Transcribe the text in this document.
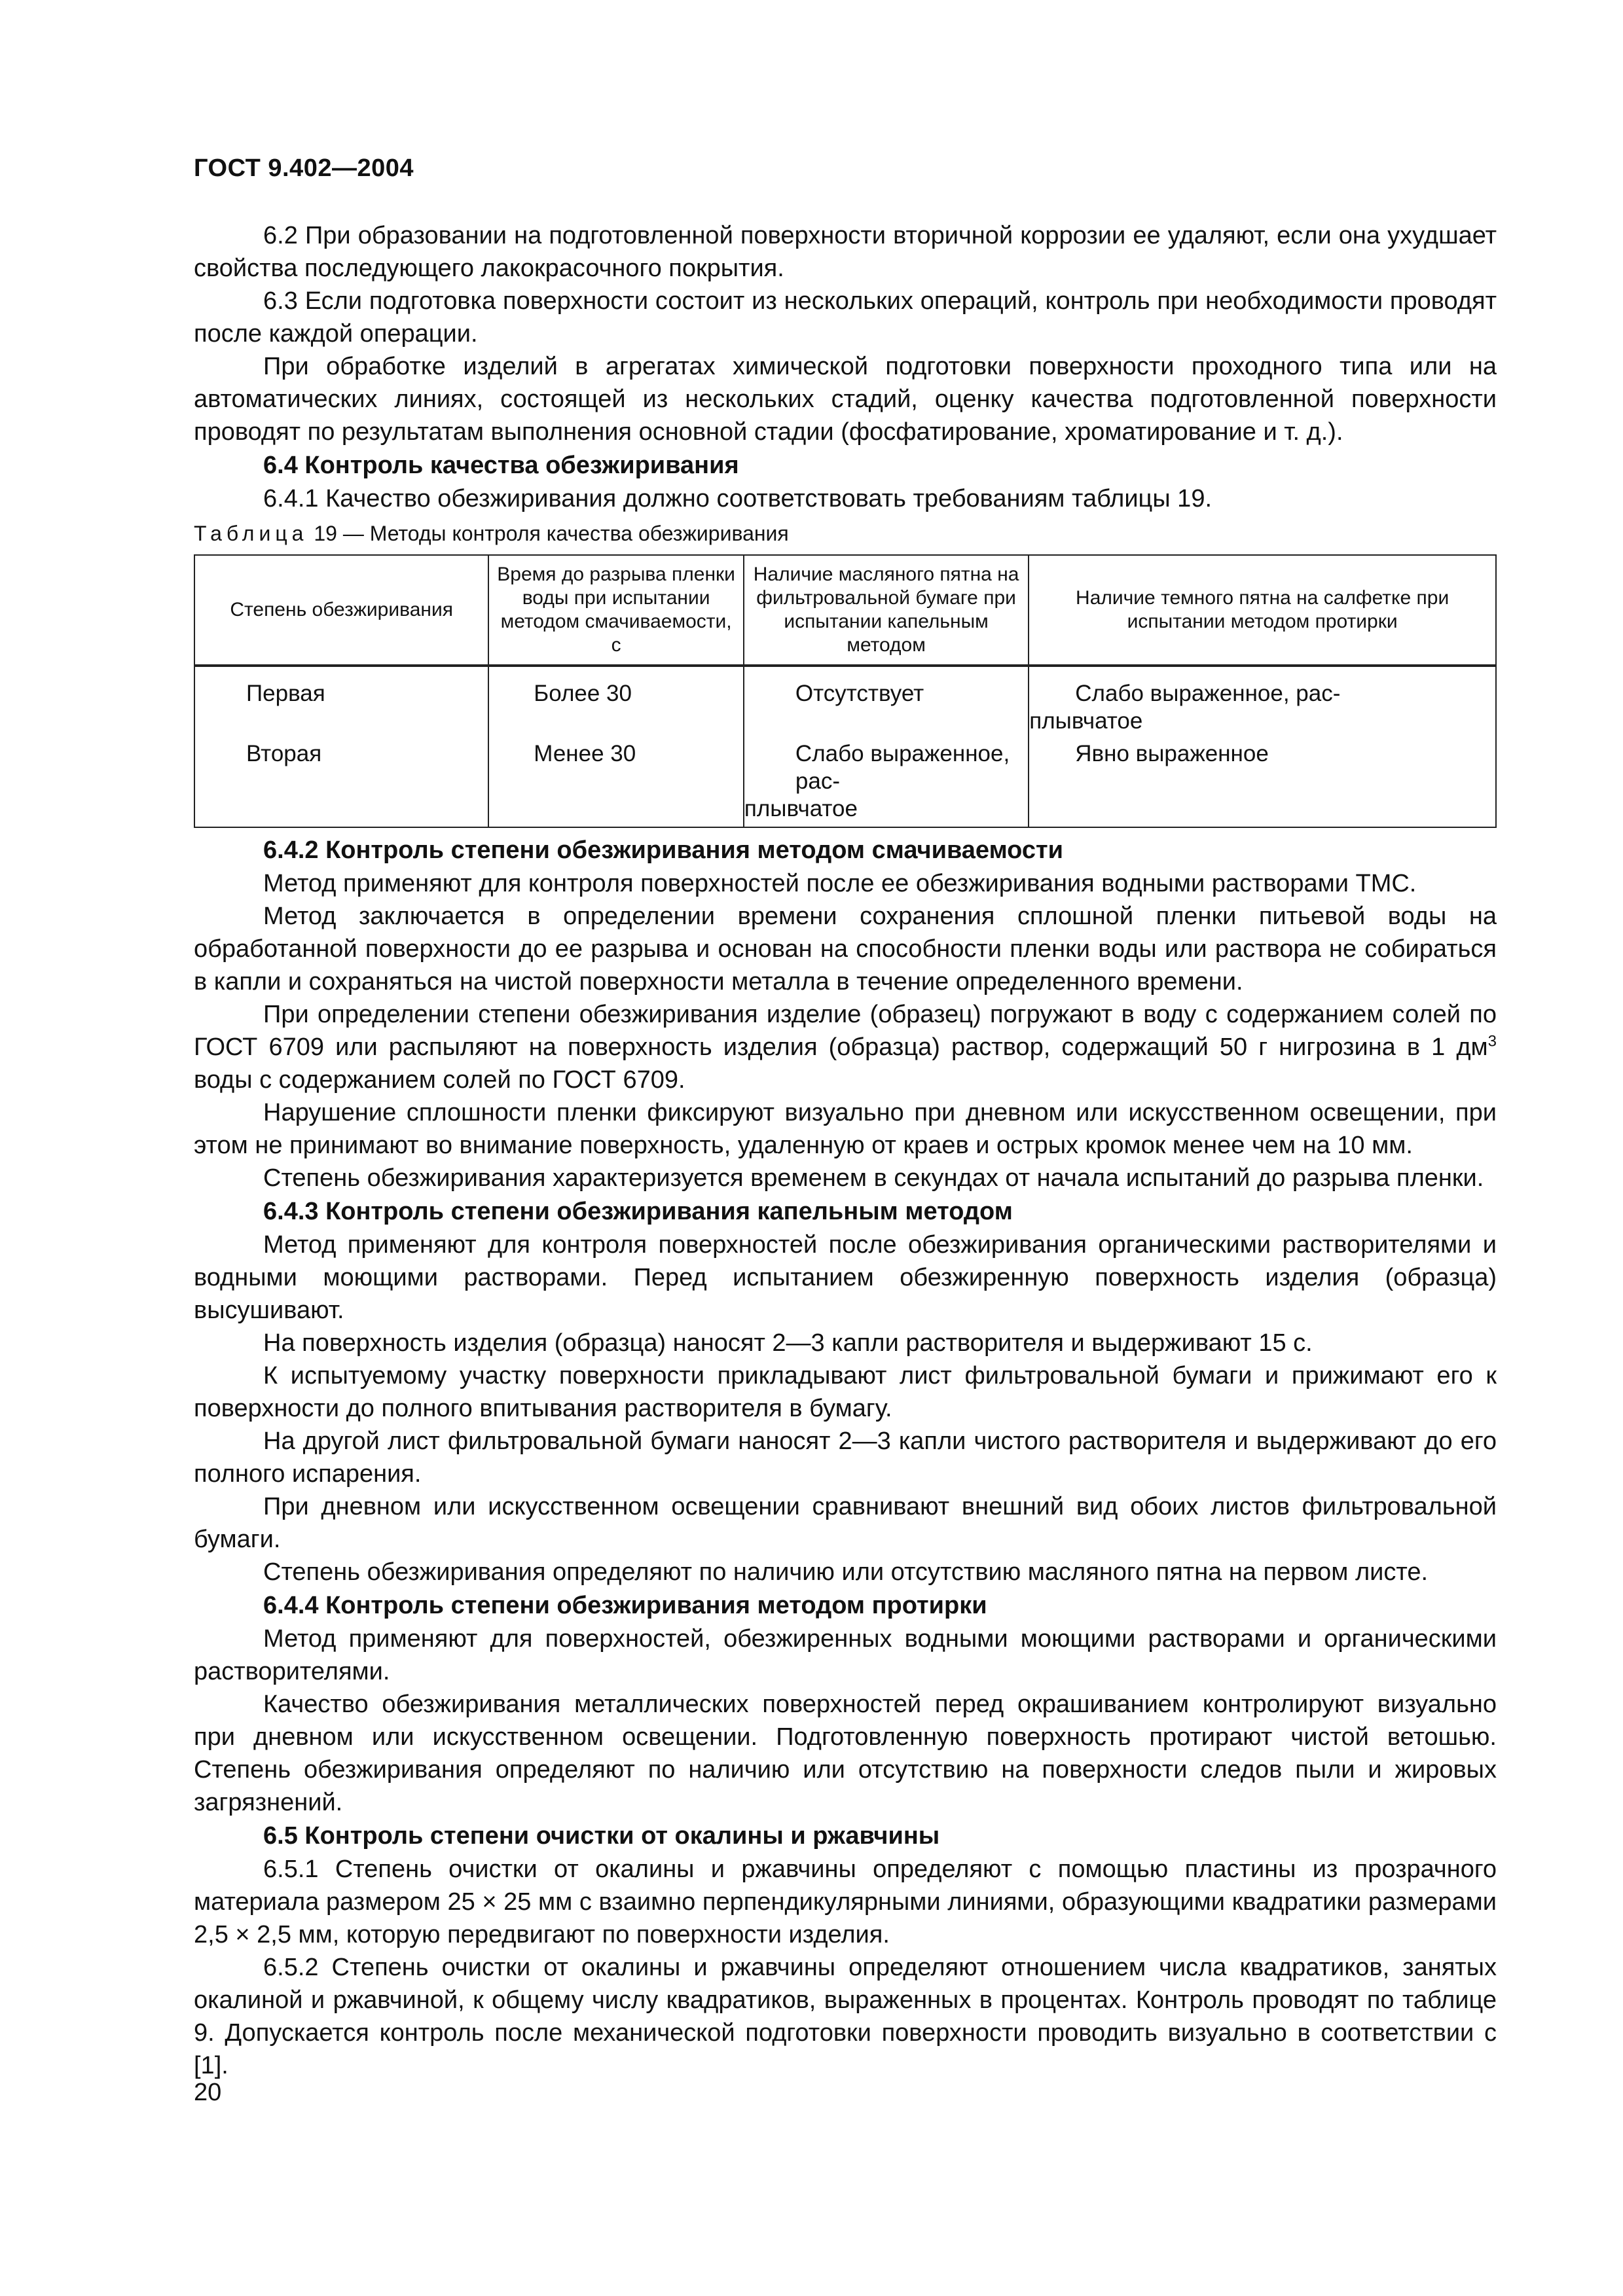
ГОСТ 9.402—2004

6.2 При образовании на подготовленной поверхности вторичной коррозии ее удаляют, если она ухудшает свойства последующего лакокрасочного покрытия.

6.3 Если подготовка поверхности состоит из нескольких операций, контроль при необходимости проводят после каждой операции.

При обработке изделий в агрегатах химической подготовки поверхности проходного типа или на автоматических линиях, состоящей из нескольких стадий, оценку качества подготовленной поверхности проводят по результатам выполнения основной стадии (фосфатирование, хроматирование и т. д.).

6.4 Контроль качества обезжиривания

6.4.1 Качество обезжиривания должно соответствовать требованиям таблицы 19.

Таблица 19 — Методы контроля качества обезжиривания
Степень обезжиривания	Время до разрыва пленки воды при испытании методом смачиваемости, с	Наличие масляного пятна на фильтровальной бумаге при испытании капельным методом	Наличие темного пятна на салфетке при испытании методом протирки
Первая	Более 30	Отсутствует	Слабо выраженное, рас-
плывчатое

Вторая	Менее 30	Слабо выраженное, рас-
плывчатое	Явно выраженное
6.4.2 Контроль степени обезжиривания методом смачиваемости

Метод применяют для контроля поверхностей после ее обезжиривания водными растворами ТМС.

Метод заключается в определении времени сохранения сплошной пленки питьевой воды на обработанной поверхности до ее разрыва и основан на способности пленки воды или раствора не собираться в капли и сохраняться на чистой поверхности металла в течение определенного времени.

При определении степени обезжиривания изделие (образец) погружают в воду с содержанием солей по ГОСТ 6709 или распыляют на поверхность изделия (образца) раствор, содержащий 50 г нигрозина в 1 $дм^3$ воды с содержанием солей по ГОСТ 6709.

Нарушение сплошности пленки фиксируют визуально при дневном или искусственном освещении, при этом не принимают во внимание поверхность, удаленную от краев и острых кромок менее чем на 10 мм.

Степень обезжиривания характеризуется временем в секундах от начала испытаний до разрыва пленки.

6.4.3 Контроль степени обезжиривания капельным методом

Метод применяют для контроля поверхностей после обезжиривания органическими растворителями и водными моющими растворами. Перед испытанием обезжиренную поверхность изделия (образца) высушивают.

На поверхность изделия (образца) наносят 2—3 капли растворителя и выдерживают 15 с.

К испытуемому участку поверхности прикладывают лист фильтровальной бумаги и прижимают его к поверхности до полного впитывания растворителя в бумагу.

На другой лист фильтровальной бумаги наносят 2—3 капли чистого растворителя и выдерживают до его полного испарения.

При дневном или искусственном освещении сравнивают внешний вид обоих листов фильтровальной бумаги.

Степень обезжиривания определяют по наличию или отсутствию масляного пятна на первом листе.

6.4.4 Контроль степени обезжиривания методом протирки

Метод применяют для поверхностей, обезжиренных водными моющими растворами и органическими растворителями.

Качество обезжиривания металлических поверхностей перед окрашиванием контролируют визуально при дневном или искусственном освещении. Подготовленную поверхность протирают чистой ветошью. Степень обезжиривания определяют по наличию или отсутствию на поверхности следов пыли и жировых загрязнений.

6.5 Контроль степени очистки от окалины и ржавчины

6.5.1 Степень очистки от окалины и ржавчины определяют с помощью пластины из прозрачного материала размером 25 × 25 мм с взаимно перпендикулярными линиями, образующими квадратики размерами 2,5 × 2,5 мм, которую передвигают по поверхности изделия.

6.5.2 Степень очистки от окалины и ржавчины определяют отношением числа квадратиков, занятых окалиной и ржавчиной, к общему числу квадратиков, выраженных в процентах. Контроль проводят по таблице 9. Допускается контроль после механической подготовки поверхности проводить визуально в соответствии с [1].

20
